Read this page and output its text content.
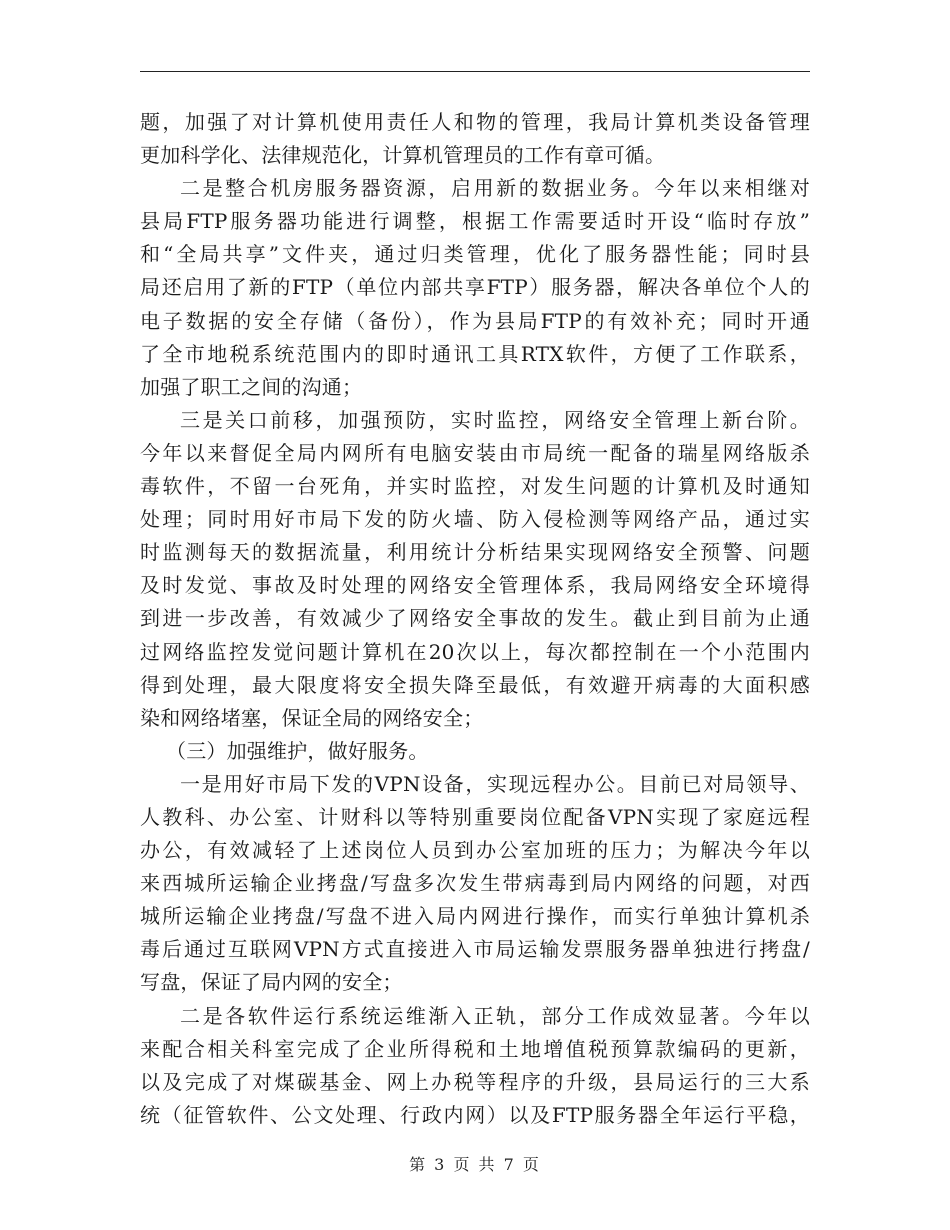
题，加强了对计算机使用责任人和物的管理，我局计算机类设备管理
更加科学化、法律规范化，计算机管理员的工作有章可循。
二是整合机房服务器资源，启用新的数据业务。今年以来相继对
县局FTP服务器功能进行调整，根据工作需要适时开设“临时存放”
和“全局共享”文件夹，通过归类管理，优化了服务器性能；同时县
局还启用了新的FTP（单位内部共享FTP）服务器，解决各单位个人的
电子数据的安全存储（备份），作为县局FTP的有效补充；同时开通
了全市地税系统范围内的即时通讯工具RTX软件，方便了工作联系，
加强了职工之间的沟通；
三是关口前移，加强预防，实时监控，网络安全管理上新台阶。
今年以来督促全局内网所有电脑安装由市局统一配备的瑞星网络版杀
毒软件，不留一台死角，并实时监控，对发生问题的计算机及时通知
处理；同时用好市局下发的防火墙、防入侵检测等网络产品，通过实
时监测每天的数据流量，利用统计分析结果实现网络安全预警、问题
及时发觉、事故及时处理的网络安全管理体系，我局网络安全环境得
到进一步改善，有效减少了网络安全事故的发生。截止到目前为止通
过网络监控发觉问题计算机在20次以上，每次都控制在一个小范围内
得到处理，最大限度将安全损失降至最低，有效避开病毒的大面积感
染和网络堵塞，保证全局的网络安全；
（三）加强维护，做好服务。
一是用好市局下发的VPN设备，实现远程办公。目前已对局领导、
人教科、办公室、计财科以等特别重要岗位配备VPN实现了家庭远程
办公，有效减轻了上述岗位人员到办公室加班的压力；为解决今年以
来西城所运输企业拷盘/写盘多次发生带病毒到局内网络的问题，对西
城所运输企业拷盘/写盘不进入局内网进行操作，而实行单独计算机杀
毒后通过互联网VPN方式直接进入市局运输发票服务器单独进行拷盘/
写盘，保证了局内网的安全；
二是各软件运行系统运维渐入正轨，部分工作成效显著。今年以
来配合相关科室完成了企业所得税和土地增值税预算款编码的更新，
以及完成了对煤碳基金、网上办税等程序的升级，县局运行的三大系
统（征管软件、公文处理、行政内网）以及FTP服务器全年运行平稳，
第 3 页 共 7 页
